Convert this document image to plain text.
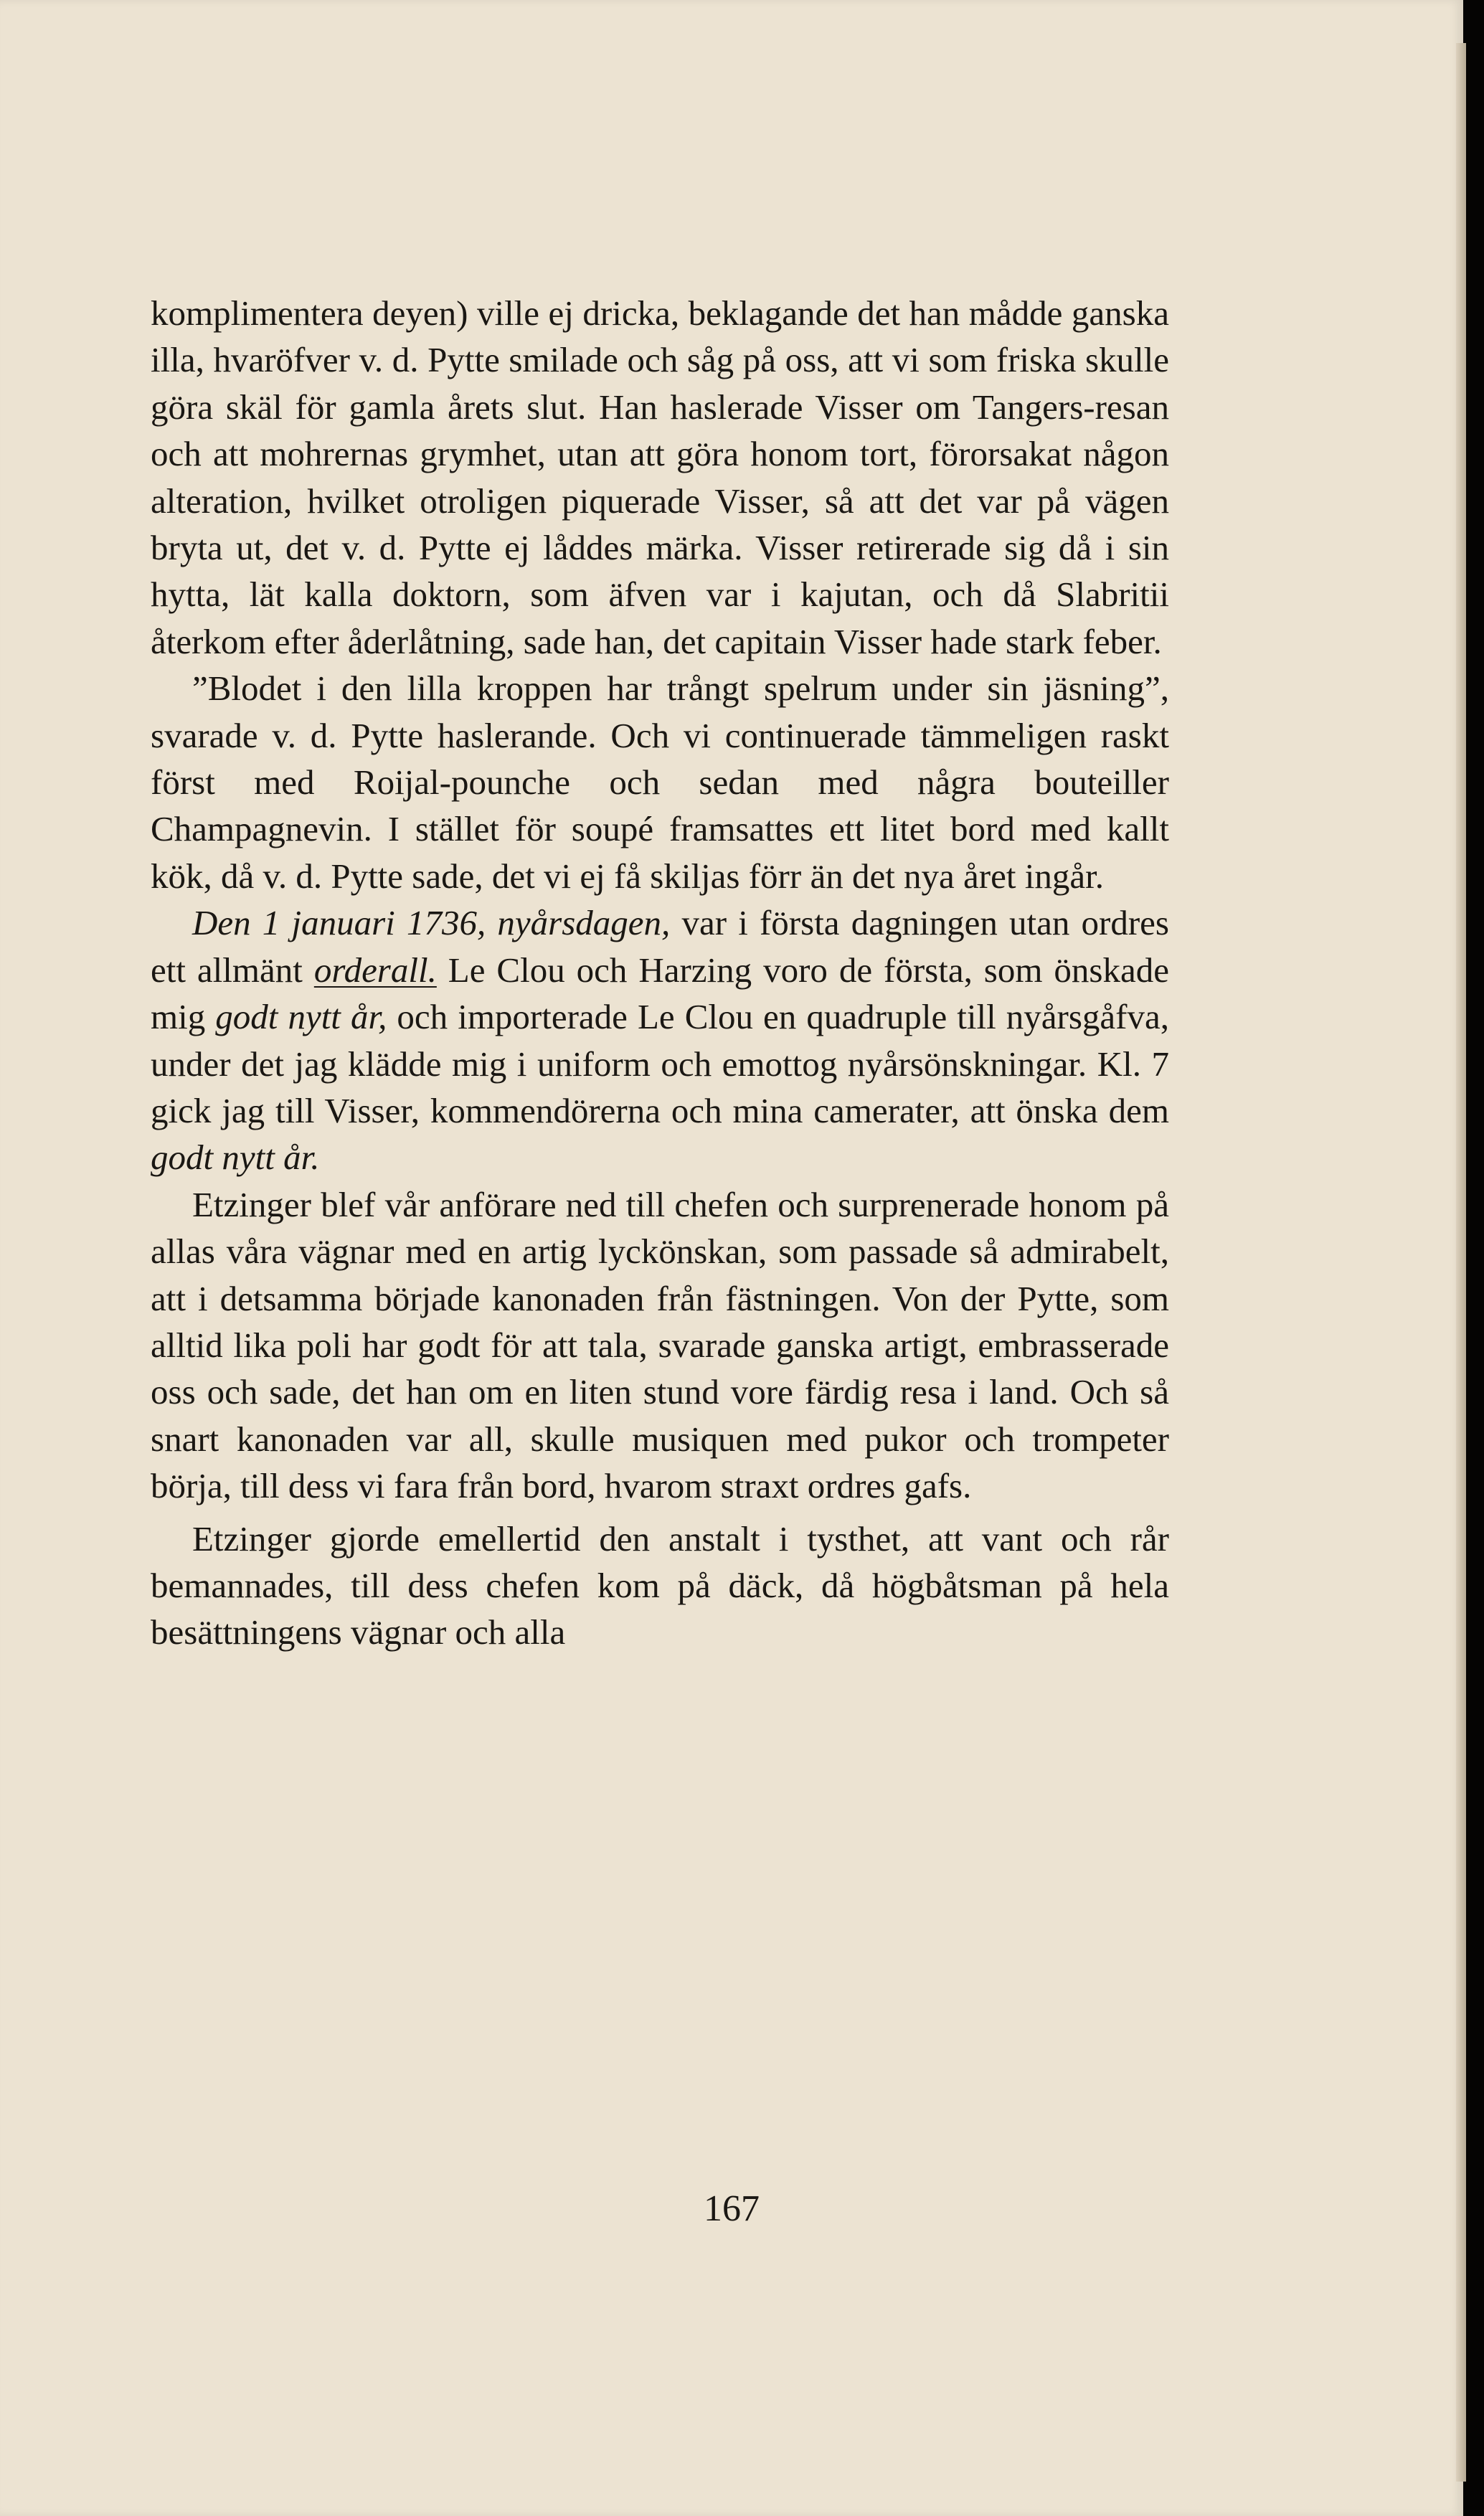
komplimentera deyen) ville ej dricka, beklagande det han mådde ganska illa, hvaröfver v. d. Pytte smilade och såg på oss, att vi som friska skulle göra skäl för gamla årets slut. Han haslerade Visser om Tangers-resan och att mohrernas grymhet, utan att göra honom tort, förorsakat någon alteration, hvilket otroligen piquerade Visser, så att det var på vägen bryta ut, det v. d. Pytte ej låddes märka. Visser retirerade sig då i sin hytta, lät kalla doktorn, som äfven var i kajutan, och då Slabritii återkom efter åderlåtning, sade han, det capitain Visser hade stark feber.

”Blodet i den lilla kroppen har trångt spelrum under sin jäsning”, svarade v. d. Pytte haslerande. Och vi continuerade tämmeligen raskt först med Roijal-pounche och sedan med några bouteiller Champagnevin. I stället för soupé framsattes ett litet bord med kallt kök, då v. d. Pytte sade, det vi ej få skiljas förr än det nya året ingår.

Den 1 januari 1736, nyårsdagen, var i första dagningen utan ordres ett allmänt orderall. Le Clou och Harzing voro de första, som önskade mig godt nytt år, och importerade Le Clou en quadruple till nyårsgåfva, under det jag klädde mig i uniform och emottog nyårsönskningar. Kl. 7 gick jag till Visser, kommendörerna och mina camerater, att önska dem godt nytt år.

Etzinger blef vår anförare ned till chefen och surprenerade honom på allas våra vägnar med en artig lyckönskan, som passade så admirabelt, att i detsamma började kanonaden från fästningen. Von der Pytte, som alltid lika poli har godt för att tala, svarade ganska artigt, embrasserade oss och sade, det han om en liten stund vore färdig resa i land. Och så snart kanonaden var all, skulle musiquen med pukor och trompeter börja, till dess vi fara från bord, hvarom straxt ordres gafs.

Etzinger gjorde emellertid den anstalt i tysthet, att vant och rår bemannades, till dess chefen kom på däck, då högbåtsman på hela besättningens vägnar och alla

167
